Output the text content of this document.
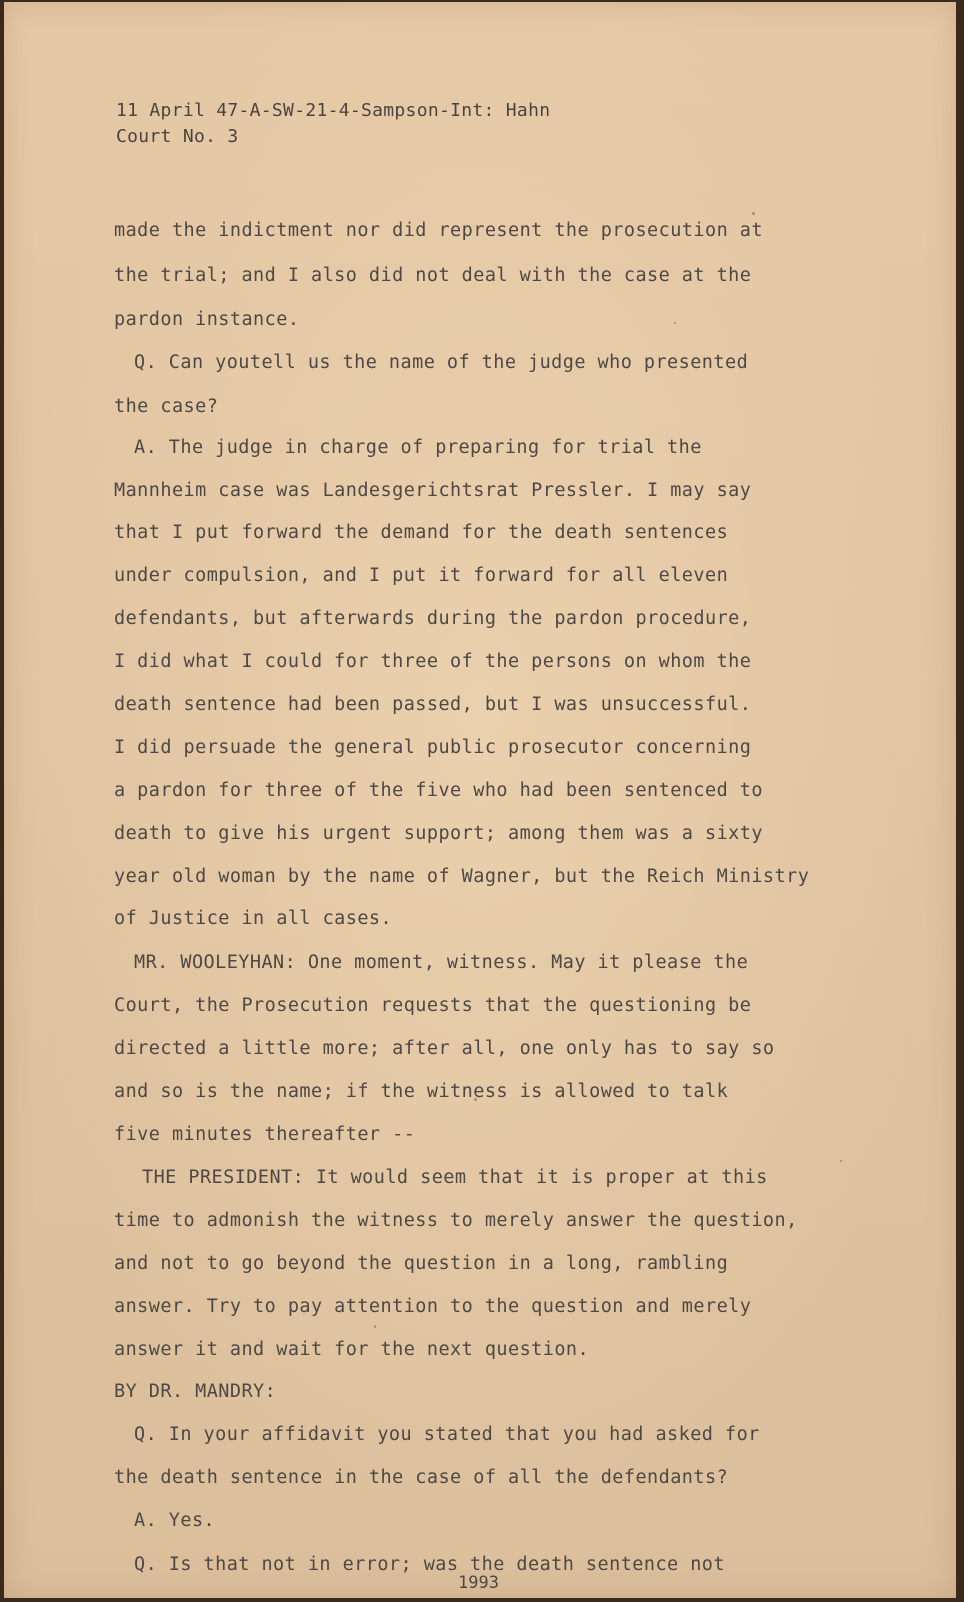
11 April 47-A-SW-21-4-Sampson-Int: Hahn
Court No. 3
made the indictment nor did represent the prosecution at
the trial; and I also did not deal with the case at the
pardon instance.
Q. Can youtell us the name of the judge who presented
the case?
A. The judge in charge of preparing for trial the
Mannheim case was Landesgerichtsrat Pressler. I may say
that I put forward the demand for the death sentences
under compulsion, and I put it forward for all eleven
defendants, but afterwards during the pardon procedure,
I did what I could for three of the persons on whom the
death sentence had been passed, but I was unsuccessful.
I did persuade the general public prosecutor concerning
a pardon for three of the five who had been sentenced to
death to give his urgent support; among them was a sixty
year old woman by the name of Wagner, but the Reich Ministry
of Justice in all cases.
MR. WOOLEYHAN: One moment, witness. May it please the
Court, the Prosecution requests that the questioning be
directed a little more; after all, one only has to say so
and so is the name; if the witness is allowed to talk
five minutes thereafter --
THE PRESIDENT: It would seem that it is proper at this
time to admonish the witness to merely answer the question,
and not to go beyond the question in a long, rambling
answer. Try to pay attention to the question and merely
answer it and wait for the next question.
BY DR. MANDRY:
Q. In your affidavit you stated that you had asked for
the death sentence in the case of all the defendants?
A. Yes.
Q. Is that not in error; was the death sentence not
1993
